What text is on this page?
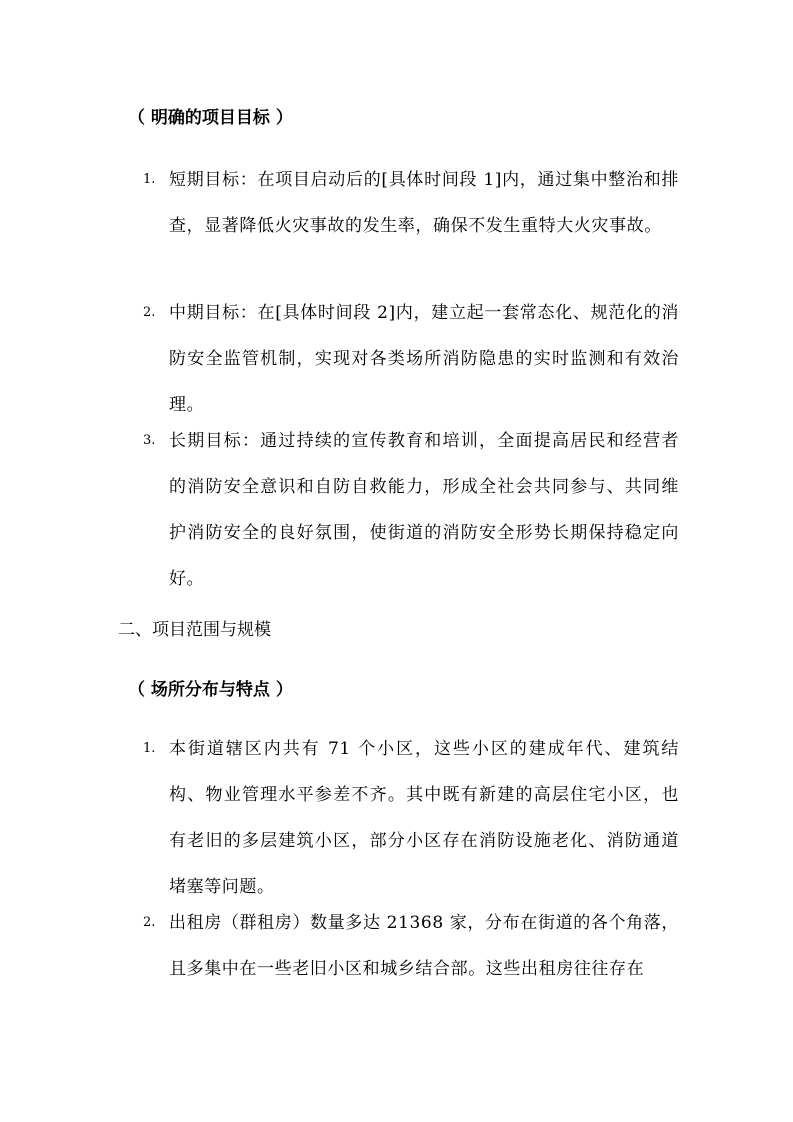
（ 明确的项目目标 ）
1. 短期目标：在项目启动后的[具体时间段 1]内，通过集中整治和排查，显著降低火灾事故的发生率，确保不发生重特大火灾事故。
2. 中期目标：在[具体时间段 2]内，建立起一套常态化、规范化的消防安全监管机制，实现对各类场所消防隐患的实时监测和有效治理。
3. 长期目标：通过持续的宣传教育和培训，全面提高居民和经营者的消防安全意识和自防自救能力，形成全社会共同参与、共同维护消防安全的良好氛围，使街道的消防安全形势长期保持稳定向好。
二、项目范围与规模
（ 场所分布与特点 ）
1. 本街道辖区内共有 71 个小区，这些小区的建成年代、建筑结构、物业管理水平参差不齐。其中既有新建的高层住宅小区，也有老旧的多层建筑小区，部分小区存在消防设施老化、消防通道堵塞等问题。
2. 出租房（群租房）数量多达 21368 家，分布在街道的各个角落，且多集中在一些老旧小区和城乡结合部。这些出租房往往存在
